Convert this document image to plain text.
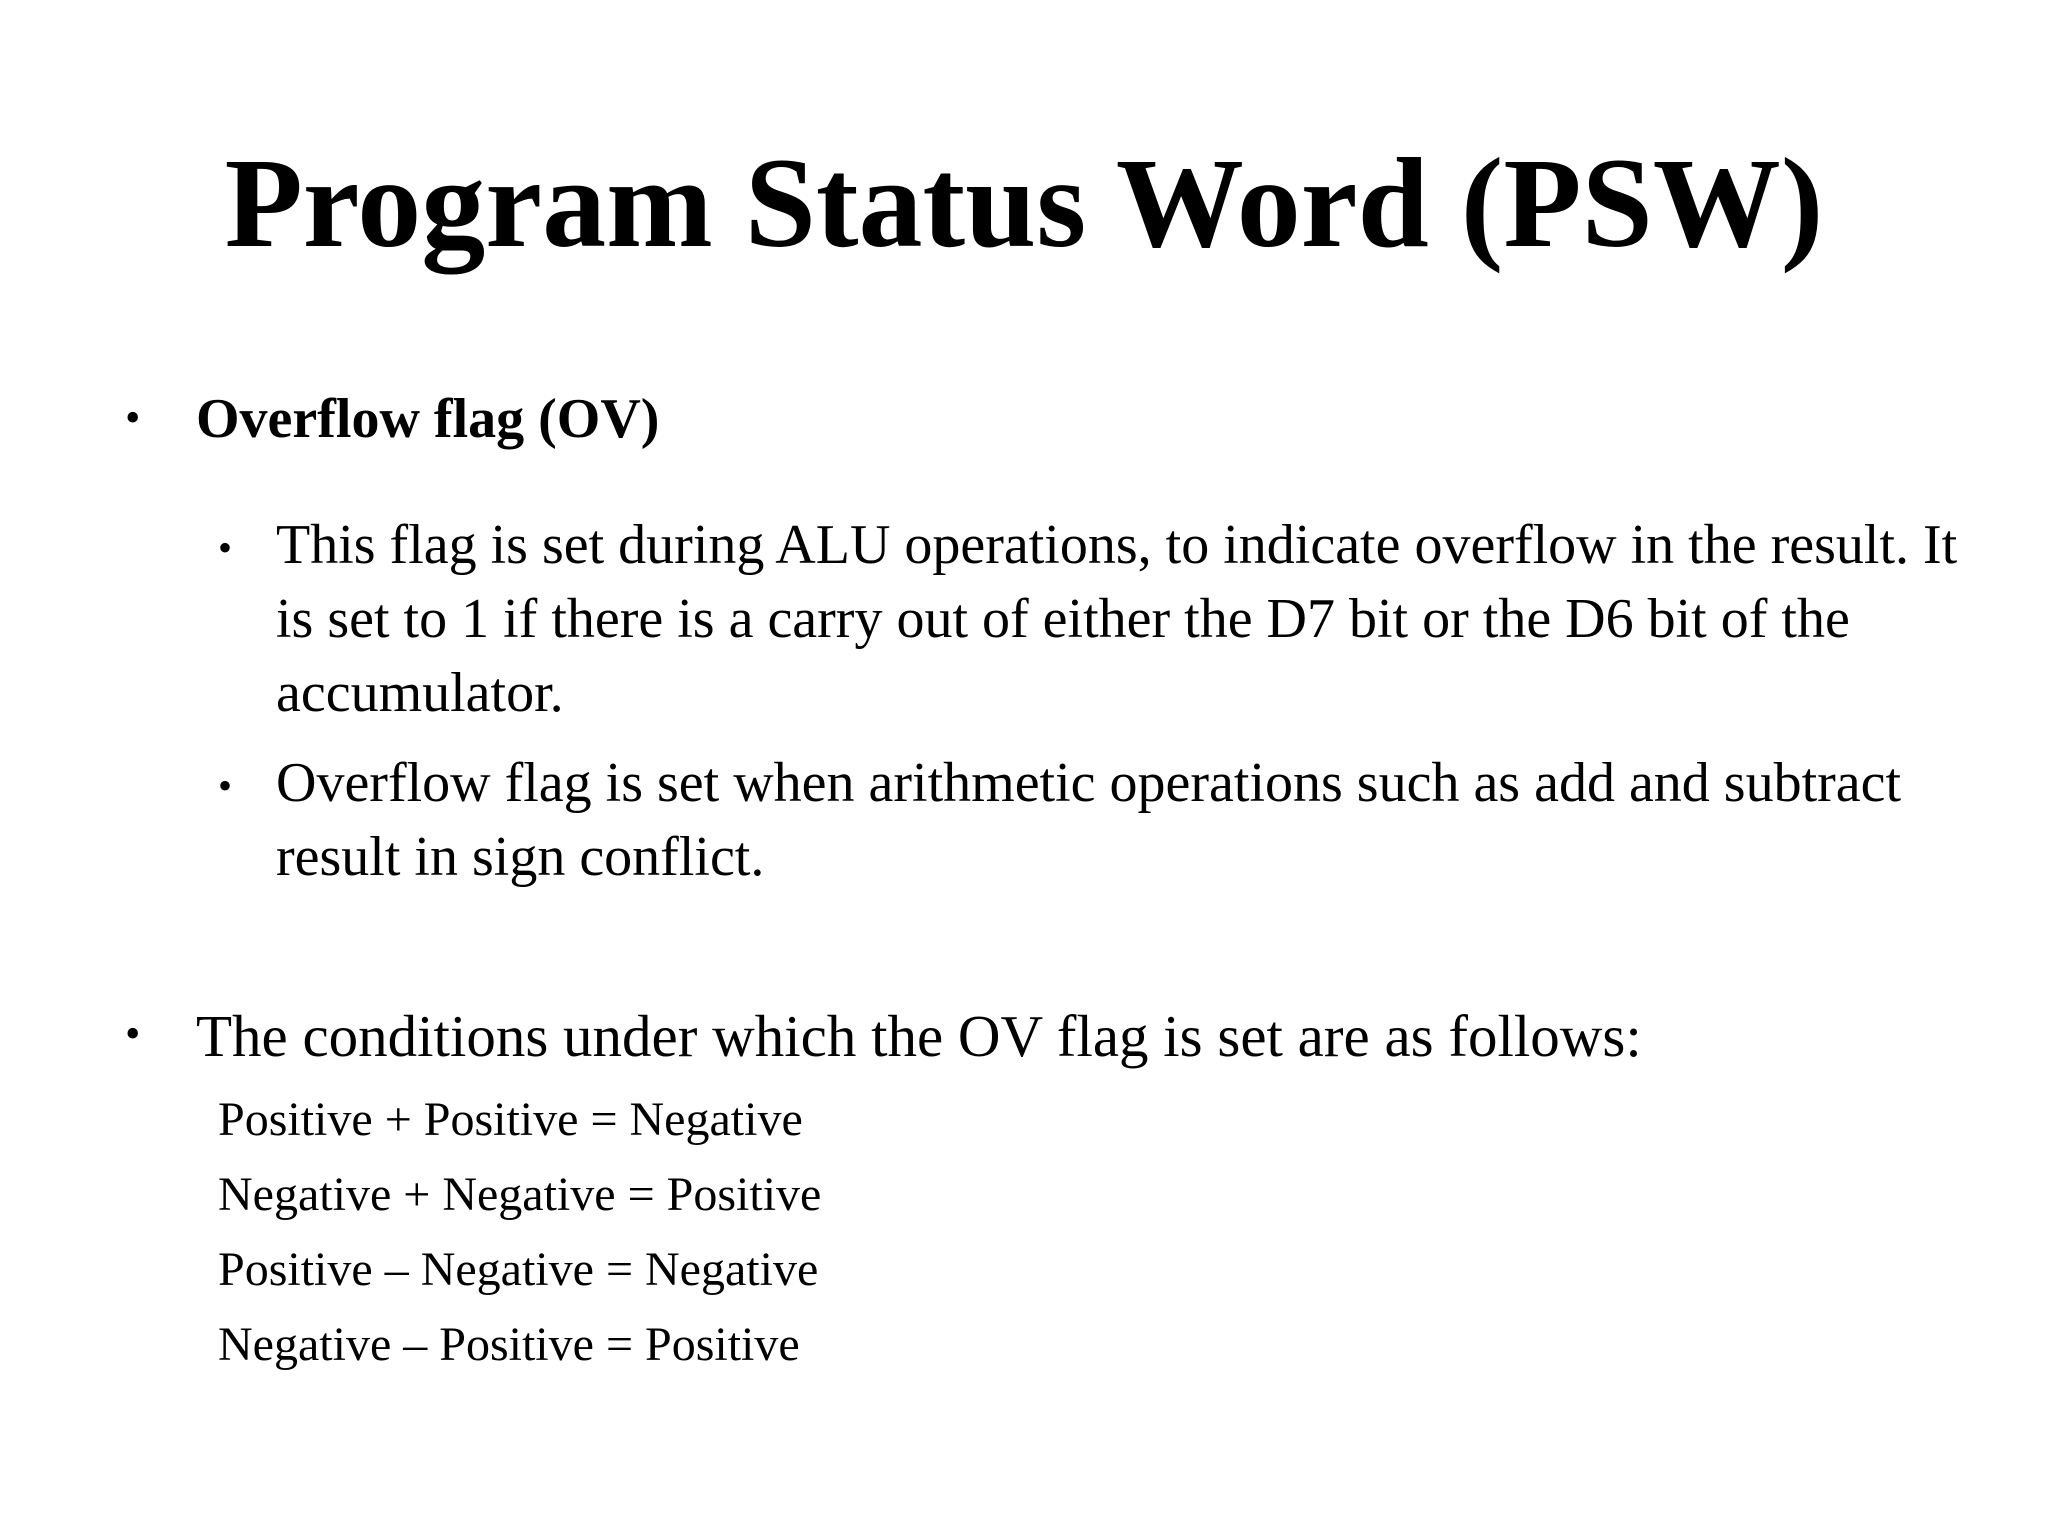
Program Status Word (PSW)
• Overflow flag (OV)
• This flag is set during ALU operations, to indicate overflow in the result. It is set to 1 if there is a carry out of either the D7 bit or the D6 bit of the accumulator.

• Overflow flag is set when arithmetic operations such as add and subtract result in sign conflict.

• The conditions under which the OV flag is set are as follows:
Positive + Positive = Negative
Negative + Negative = Positive
Positive – Negative = Negative
Negative – Positive = Positive
